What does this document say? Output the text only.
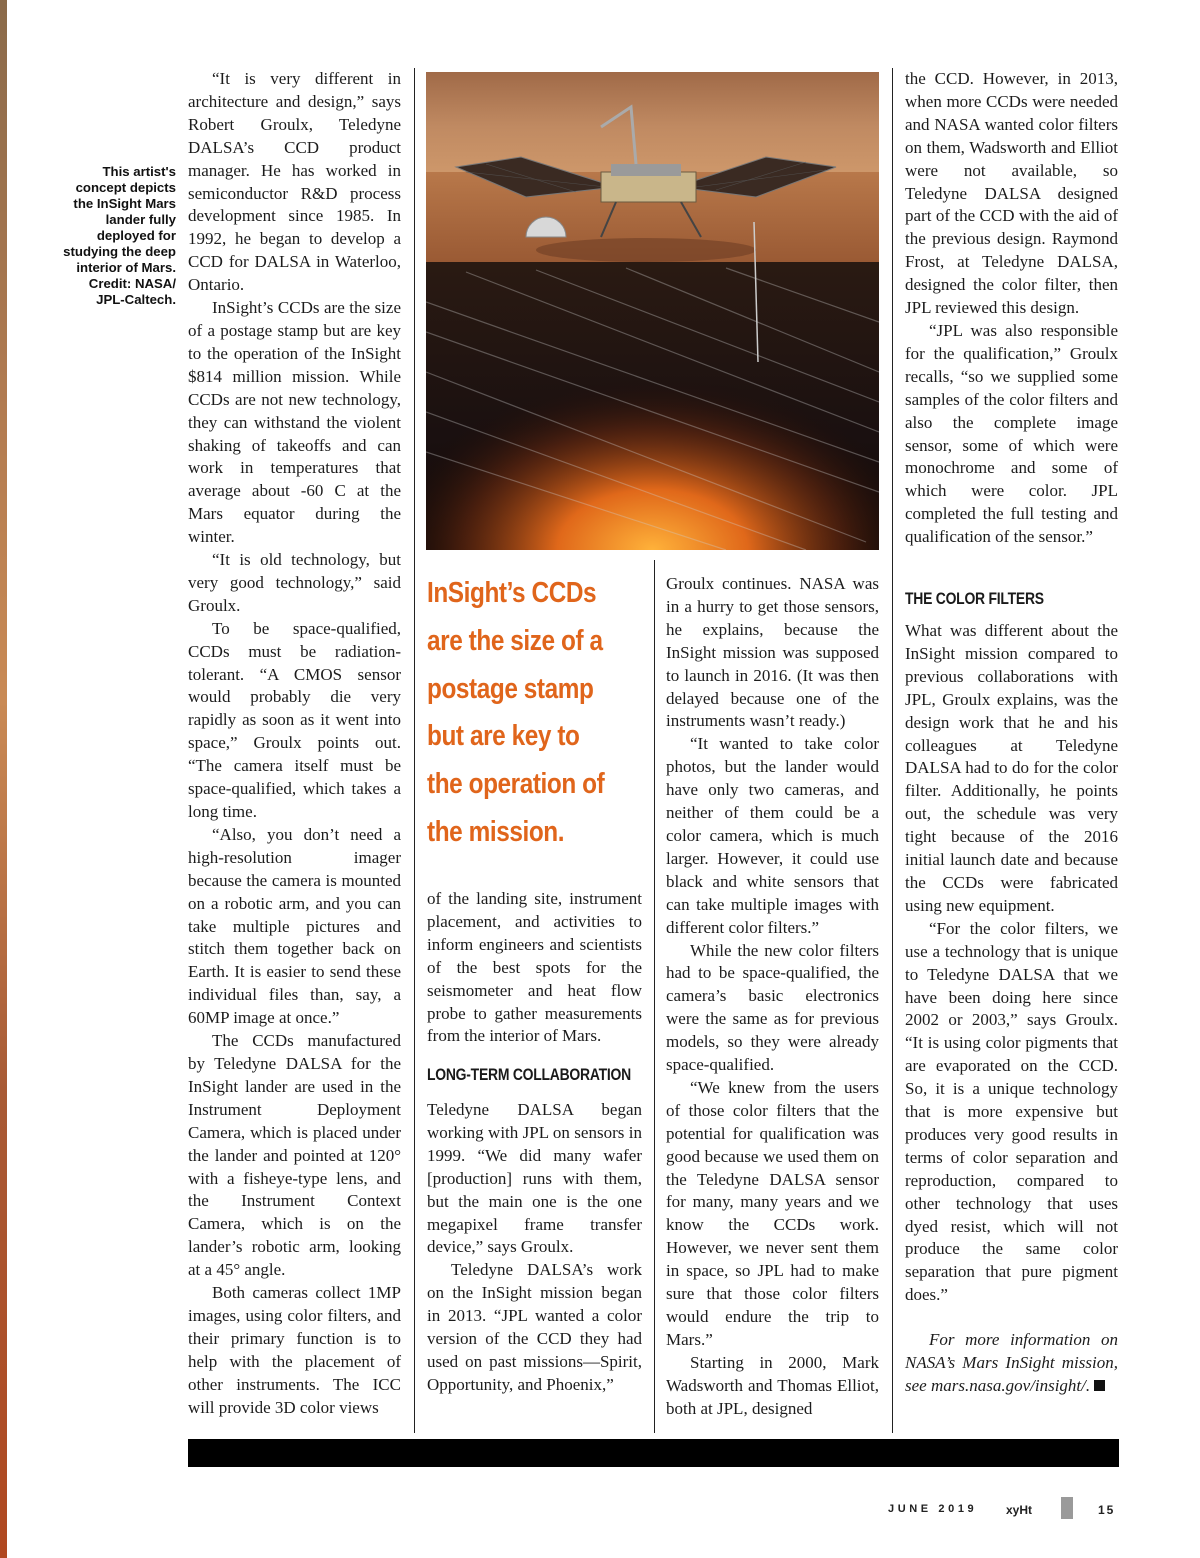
This artist's concept depicts the InSight Mars lander fully deployed for studying the deep interior of Mars. Credit: NASA/ JPL-Caltech.

“It is very different in architecture and design,” says Robert Groulx, Teledyne DALSA’s CCD product manager. He has worked in semiconductor R&D process development since 1985. In 1992, he began to develop a CCD for DALSA in Waterloo, Ontario.

InSight’s CCDs are the size of a postage stamp but are key to the operation of the InSight $814 million mission. While CCDs are not new technology, they can withstand the violent shaking of takeoffs and can work in temperatures that average about -60 C at the Mars equator during the winter.

“It is old technology, but very good technology,” said Groulx.

To be space-qualified, CCDs must be radiation-tolerant. “A CMOS sensor would probably die very rapidly as soon as it went into space,” Groulx points out. “The camera itself must be space-qualified, which takes a long time.

“Also, you don’t need a high-resolution imager because the camera is mounted on a robotic arm, and you can take multiple pictures and stitch them together back on Earth. It is easier to send these individual files than, say, a 60MP image at once.”

The CCDs manufactured by Teledyne DALSA for the InSight lander are used in the Instrument Deployment Camera, which is placed under the lander and pointed at 120° with a fisheye-type lens, and the Instrument Context Camera, which is on the lander’s robotic arm, looking at a 45° angle.

Both cameras collect 1MP images, using color filters, and their primary function is to help with the placement of other instruments. The ICC will provide 3D color views

InSight’s CCDs are the size of a postage stamp but are key to the operation of the mission.

of the landing site, instrument placement, and activities to inform engineers and scientists of the best spots for the seismometer and heat flow probe to gather measurements from the interior of Mars.

LONG-TERM COLLABORATION

Teledyne DALSA began working with JPL on sensors in 1999. “We did many wafer [production] runs with them, but the main one is the one megapixel frame transfer device,” says Groulx.

Teledyne DALSA’s work on the InSight mission began in 2013. “JPL wanted a color version of the CCD they had used on past missions—Spirit, Opportunity, and Phoenix,”

Groulx continues. NASA was in a hurry to get those sensors, he explains, because the InSight mission was supposed to launch in 2016. (It was then delayed because one of the instruments wasn’t ready.)

“It wanted to take color photos, but the lander would have only two cameras, and neither of them could be a color camera, which is much larger. However, it could use black and white sensors that can take multiple images with different color filters.”

While the new color filters had to be space-qualified, the camera’s basic electronics were the same as for previous models, so they were already space-qualified.

“We knew from the users of those color filters that the potential for qualification was good because we used them on the Teledyne DALSA sensor for many, many years and we know the CCDs work. However, we never sent them in space, so JPL had to make sure that those color filters would endure the trip to Mars.”

Starting in 2000, Mark Wadsworth and Thomas Elliot, both at JPL, designed

the CCD. However, in 2013, when more CCDs were needed and NASA wanted color filters on them, Wadsworth and Elliot were not available, so Teledyne DALSA designed part of the CCD with the aid of the previous design. Raymond Frost, at Teledyne DALSA, designed the color filter, then JPL reviewed this design.

“JPL was also responsible for the qualification,” Groulx recalls, “so we supplied some samples of the color filters and also the complete image sensor, some of which were monochrome and some of which were color. JPL completed the full testing and qualification of the sensor.”

THE COLOR FILTERS

What was different about the InSight mission compared to previous collaborations with JPL, Groulx explains, was the design work that he and his colleagues at Teledyne DALSA had to do for the color filter. Additionally, he points out, the schedule was very tight because of the 2016 initial launch date and because the CCDs were fabricated using new equipment.

“For the color filters, we use a technology that is unique to Teledyne DALSA that we have been doing here since 2002 or 2003,” says Groulx. “It is using color pigments that are evaporated on the CCD. So, it is a unique technology that is more expensive but produces very good results in terms of color separation and reproduction, compared to other technology that uses dyed resist, which will not produce the same color separation that pure pigment does.”

For more information on NASA’s Mars InSight mission, see mars.nasa.gov/insight/.

JUNE 2019 xyHt	15
